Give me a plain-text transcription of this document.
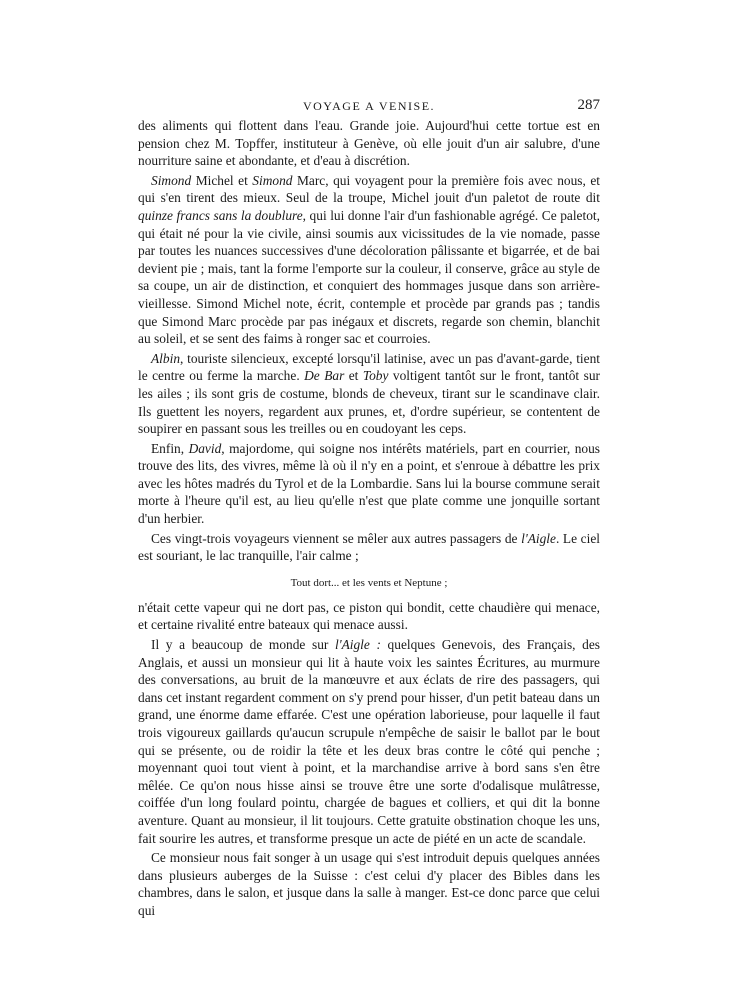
VOYAGE A VENISE.	287

des aliments qui flottent dans l'eau. Grande joie. Aujourd'hui cette tortue est en pension chez M. Topffer, instituteur à Genève, où elle jouit d'un air salubre, d'une nourriture saine et abondante, et d'eau à discrétion.

Simond Michel et Simond Marc, qui voyagent pour la première fois avec nous, et qui s'en tirent des mieux. Seul de la troupe, Michel jouit d'un paletot de route dit quinze francs sans la doublure, qui lui donne l'air d'un fashionable agrégé. Ce paletot, qui était né pour la vie civile, ainsi soumis aux vicissitudes de la vie nomade, passe par toutes les nuances successives d'une décoloration pâlissante et bigarrée, et de bai devient pie ; mais, tant la forme l'emporte sur la couleur, il conserve, grâce au style de sa coupe, un air de distinction, et conquiert des hommages jusque dans son arrière-vieillesse. Simond Michel note, écrit, contemple et procède par grands pas ; tandis que Simond Marc procède par pas inégaux et discrets, regarde son chemin, blanchit au soleil, et se sent des faims à ronger sac et courroies.

Albin, touriste silencieux, excepté lorsqu'il latinise, avec un pas d'avant-garde, tient le centre ou ferme la marche. De Bar et Toby voltigent tantôt sur le front, tantôt sur les ailes ; ils sont gris de costume, blonds de cheveux, tirant sur le scandinave clair. Ils guettent les noyers, regardent aux prunes, et, d'ordre supérieur, se contentent de soupirer en passant sous les treilles ou en coudoyant les ceps.

Enfin, David, majordome, qui soigne nos intérêts matériels, part en courrier, nous trouve des lits, des vivres, même là où il n'y en a point, et s'enroue à débattre les prix avec les hôtes madrés du Tyrol et de la Lombardie. Sans lui la bourse commune serait morte à l'heure qu'il est, au lieu qu'elle n'est que plate comme une jonquille sortant d'un herbier.

Ces vingt-trois voyageurs viennent se mêler aux autres passagers de l'Aigle. Le ciel est souriant, le lac tranquille, l'air calme ;

Tout dort... et les vents et Neptune ;

n'était cette vapeur qui ne dort pas, ce piston qui bondit, cette chaudière qui menace, et certaine rivalité entre bateaux qui menace aussi.

Il y a beaucoup de monde sur l'Aigle : quelques Genevois, des Français, des Anglais, et aussi un monsieur qui lit à haute voix les saintes Écritures, au murmure des conversations, au bruit de la manœuvre et aux éclats de rire des passagers, qui dans cet instant regardent comment on s'y prend pour hisser, d'un petit bateau dans un grand, une énorme dame effarée. C'est une opération laborieuse, pour laquelle il faut trois vigoureux gaillards qu'aucun scrupule n'empêche de saisir le ballot par le bout qui se présente, ou de roidir la tête et les deux bras contre le côté qui penche ; moyennant quoi tout vient à point, et la marchandise arrive à bord sans s'en être mêlée. Ce qu'on nous hisse ainsi se trouve être une sorte d'odalisque mulâtresse, coiffée d'un long foulard pointu, chargée de bagues et colliers, et qui dit la bonne aventure. Quant au monsieur, il lit toujours. Cette gratuite obstination choque les uns, fait sourire les autres, et transforme presque un acte de piété en un acte de scandale.

Ce monsieur nous fait songer à un usage qui s'est introduit depuis quelques années dans plusieurs auberges de la Suisse : c'est celui d'y placer des Bibles dans les chambres, dans le salon, et jusque dans la salle à manger. Est-ce donc parce que celui qui
